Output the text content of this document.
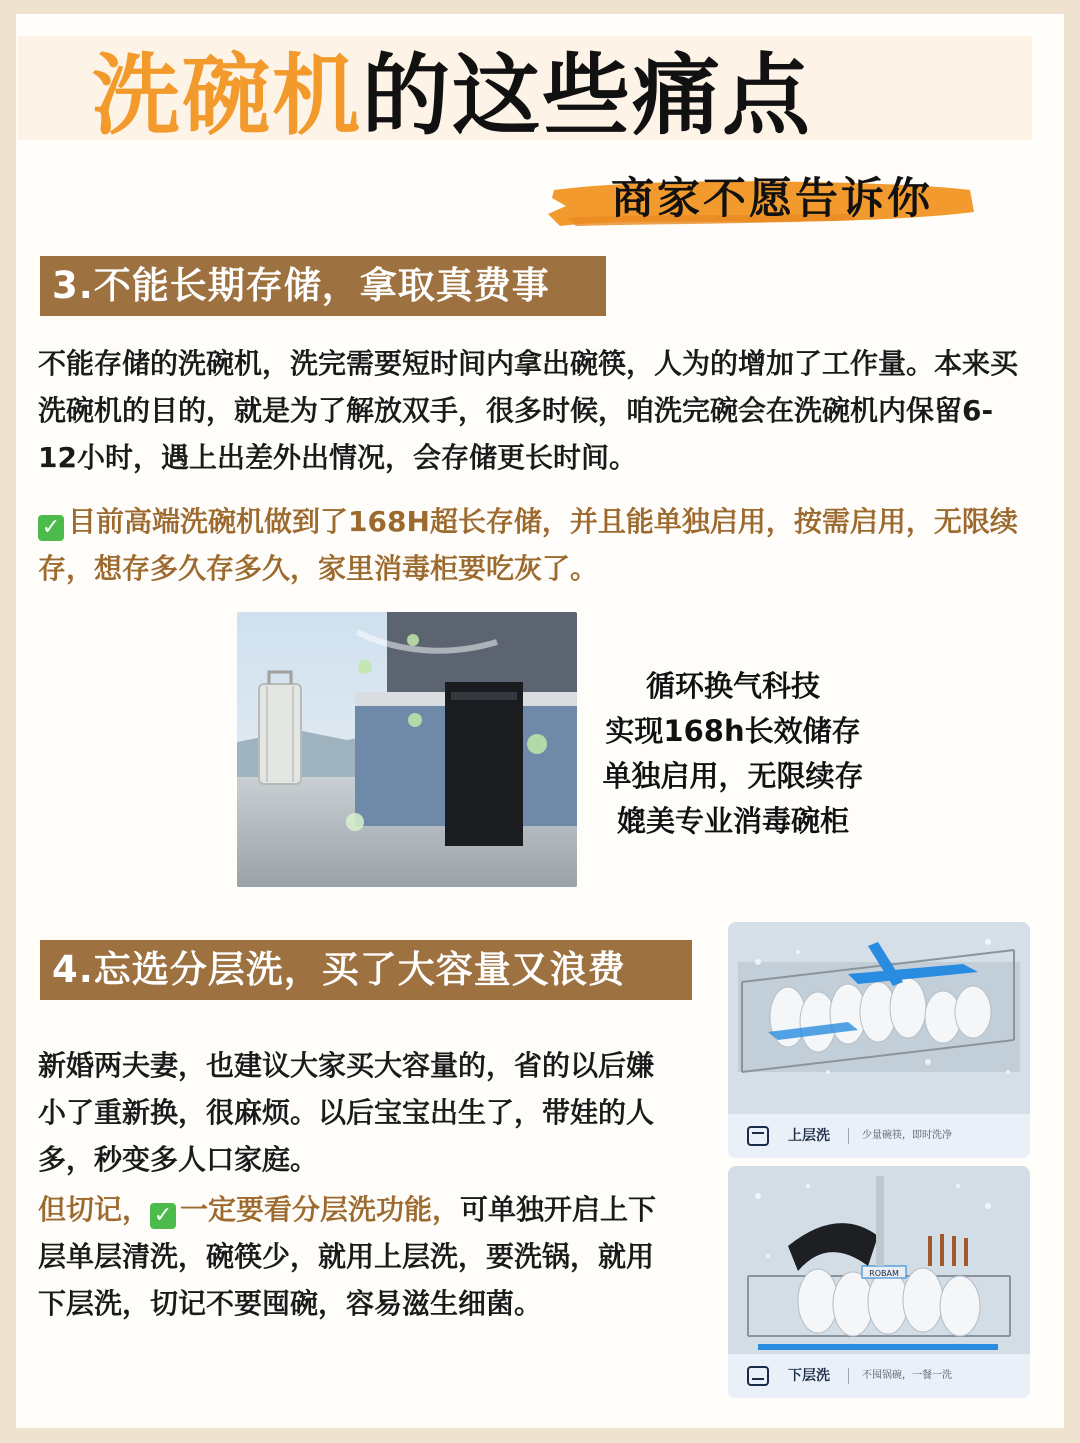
洗碗机的这些痛点
商家不愿告诉你
3.不能长期存储，拿取真费事

不能存储的洗碗机，洗完需要短时间内拿出碗筷，人为的增加了工作量。本来买洗碗机的目的，就是为了解放双手，很多时候，咱洗完碗会在洗碗机内保留6-12小时，遇上出差外出情况，会存储更长时间。

✓ 目前高端洗碗机做到了168H超长存储，并且能单独启用，按需启用，无限续存，想存多久存多久，家里消毒柜要吃灰了。

循环换气科技
实现168h长效储存
单独启用，无限续存
媲美专业消毒碗柜
4.忘选分层洗，买了大容量又浪费

新婚两夫妻，也建议大家买大容量的，省的以后嫌小了重新换，很麻烦。以后宝宝出生了，带娃的人多，秒变多人口家庭。

但切记， ✓ 一定要看分层洗功能，可单独开启上下层单层清洗，碗筷少，就用上层洗，要洗锅，就用下层洗，切记不要囤碗，容易滋生细菌。

上层洗	少量碗筷，即时洗净
ROBAM
下层洗	不囤锅碗，一餐一洗
